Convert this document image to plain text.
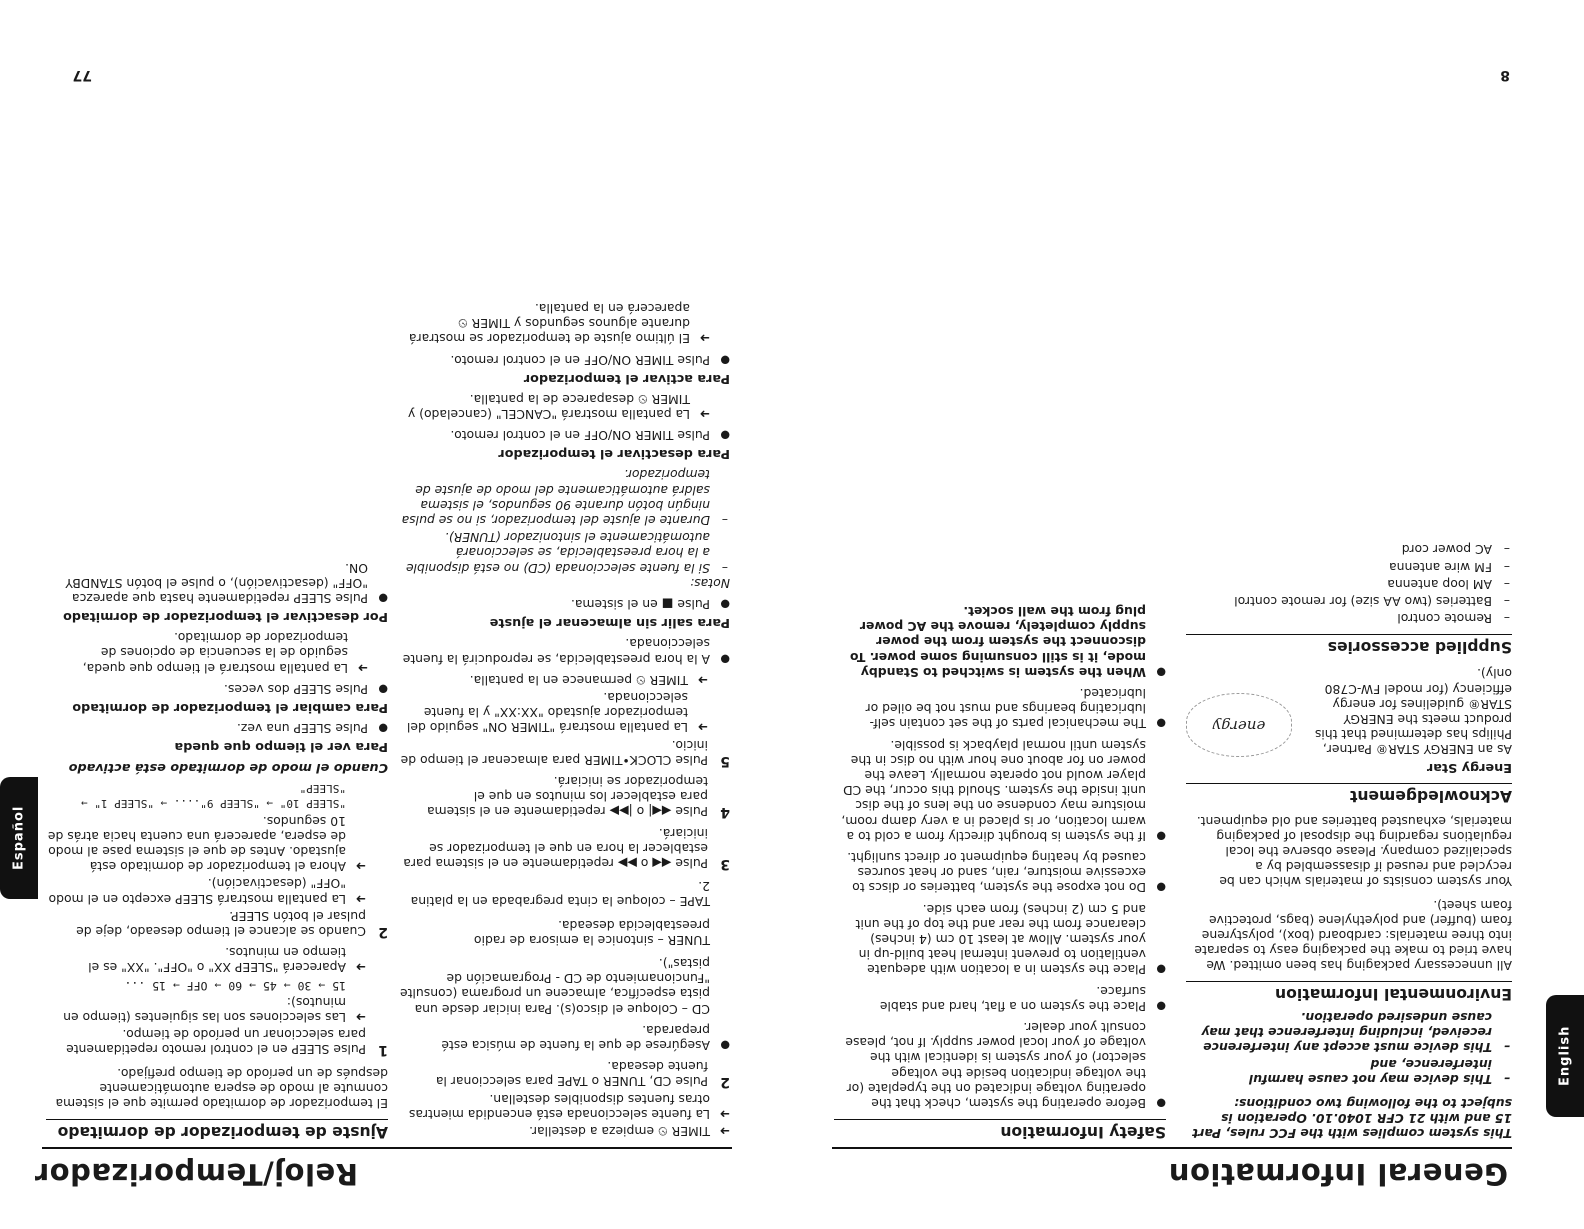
General Information
8
English

This system complies with the FCC rules, Part 15 and with 21 CFR 1040.10. Operation is subject to the following two conditions:

– This device may not cause harmful interference, and
– This device must accept any interference received, including interference that may cause undesired operation.
Environmental Information

All unnecessary packaging has been omitted. We have tried to make the packaging easy to separate into three materials: cardboard (box), polystyrene foam (buffer) and polyethylene (bags, protective foam sheet).

Your system consists of materials which can be recycled and reused if disassembled by a specialized company. Please observe the local regulations regarding the disposal of packaging materials, exhausted batteries and old equipment.

Acknowledgement
Energy Star
energy

As an ENERGY STAR® Partner, Philips has determined that this product meets the ENERGY STAR® guidelines for energy efficiency (for model FW-C780 only).

Supplied accessories
– Remote control
– Batteries (two AA size) for remote control
– AM loop antenna
– FM wire antenna
– AC power cord
Safety Information
● Before operating the system, check that the operating voltage indicated on the typeplate (or the voltage indication beside the voltage selector) of your system is identical with the voltage of your local power supply. If not, please consult your dealer.
● Place the system on a flat, hard and stable surface.
● Place the system in a location with adequate ventilation to prevent internal heat build-up in your system. Allow at least 10 cm (4 inches) clearance from the rear and the top of the unit and 5 cm (2 inches) from each side.
● Do not expose the system, batteries or discs to excessive moisture, rain, sand or heat sources caused by heating equipment or direct sunlight.
● If the system is brought directly from a cold to a warm location, or is placed in a very damp room, moisture may condense on the lens of the disc unit inside the system. Should this occur, the CD player would not operate normally. Leave the power on for about one hour with no disc in the system until normal playback is possible.
● The mechanical parts of the set contain self-lubricating bearings and must not be oiled or lubricated.
● When the system is switched to Standby mode, it is still consuming some power. To disconnect the system from the power supply completely, remove the AC power plug from the wall socket.
Reloj/Temporizador
77
Español
➜ TIMER ⏲ empieza a destellar.
➜ La fuente seleccionada está encendida mientras otras fuentes disponibles destellan.
2
Pulse CD, TUNER o TAPE para seleccionar la fuente deseada.
● Asegúrese de que la fuente de música esté preparada.

CD – Coloque el disco(s). Para iniciar desde una pista específica, almacene un programa (consulte "Funcionamiento de CD - Programación de pistas").

TUNER – sintonice la emisora de radio preestablecida deseada.

TAPE – coloque la cinta pregrabada en la platina 2.

3
Pulse ◀◀ o ▶▶ repetidamente en el sistema para establecer la hora en que el temporizador se iniciará.
4
Pulse ◀◀| o |▶▶ repetidamente en el sistema para establecer los minutos en que el temporizador se iniciará.
5
Pulse CLOCK•TIMER para almacenar el tiempo de inicio.
➜ La pantalla mostrará "TIMER ON" seguido del temporizador ajustado "XX:XX" y la fuente seleccionada.
➜ TIMER ⏲ permanece en la pantalla.
● A la hora preestablecida, se reproducirá la fuente seleccionada.
Para salir sin almacenar el ajuste
● Pulse ■ en el sistema.
Notas:
– Si la fuente seleccionada (CD) no está disponible a la hora preestablecida, se seleccionará automáticamente el sintonizador (TUNER).
– Durante el ajuste del temporizador, si no se pulsa ningún botón durante 90 segundos, el sistema saldrá automáticamente del modo de ajuste de temporizador.
Para desactivar el temporizador
● Pulse TIMER ON/OFF en el control remoto.
➜ La pantalla mostrará "CANCEL" (cancelado) y TIMER ⏲ desaparece de la pantalla.
Para activar el temporizador
● Pulse TIMER ON/OFF en el control remoto.
➜ El último ajuste de temporizador se mostrará durante algunos segundos y TIMER ⏲ aparecerá en la pantalla.
Ajuste de temporizador de dormitado

El temporizador de dormitado permite que el sistema conmute al modo de espera automáticamente después de un período de tiempo prefijado.

1
Pulse SLEEP en el control remoto repetidamente para seleccionar un período de tiempo.
➜ Las selecciones son las siguientes (tiempo en minutos):
15 → 30 → 45 → 60 → OFF → 15 ...
➜ Aparecerá "SLEEP XX" o "OFF". "XX" es el tiempo en minutos.
2
Cuando se alcance el tiempo deseado, deje de pulsar el botón SLEEP.
➜ La pantalla mostrará SLEEP excepto en el modo "OFF" (desactivación).
➜ Ahora el temporizador de dormitado está ajustado. Antes de que el sistema pase al modo de espera, aparecerá una cuenta hacia atrás de 10 segundos.
"SLEEP 10" → "SLEEP 9".... → "SLEEP 1" → "SLEEP"
Cuando el modo de dormitado está activado
Para ver el tiempo que queda
● Pulse SLEEP una vez.
Para cambiar el temporizador de dormitado
● Pulse SLEEP dos veces.
➜ La pantalla mostrará el tiempo que queda, seguido de la secuencia de opciones de temporizador de dormitado.
Por desactivar el temporizador de dormitado
● Pulse SLEEP repetidamente hasta que aparezca "OFF" (desactivación), o pulse el botón STANDBY ON.
